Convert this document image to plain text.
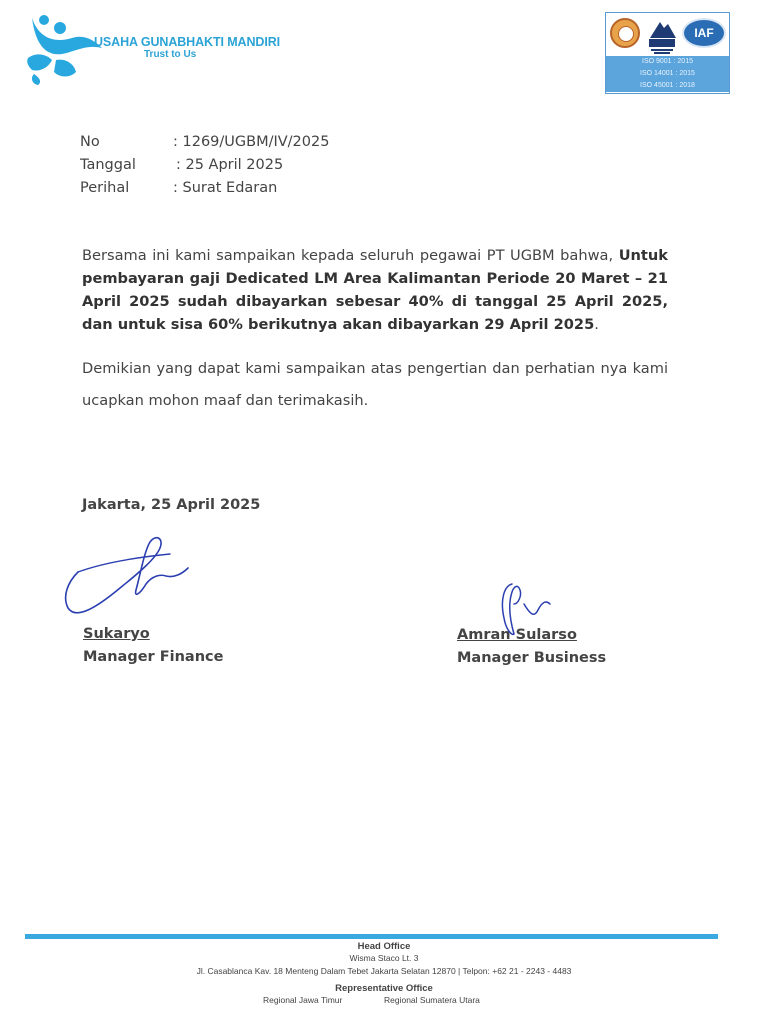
USAHA GUNABHAKTI MANDIRI
Trust to Us
IAF
ISO 9001 : 2015
ISO 14001 : 2015
ISO 45001 : 2018
No	: 1269/UGBM/IV/2025
Tanggal	: 25 April 2025
Perihal	: Surat Edaran
Bersama ini kami sampaikan kepada seluruh pegawai PT UGBM bahwa, Untuk pembayaran gaji Dedicated LM Area Kalimantan Periode 20 Maret – 21 April 2025 sudah dibayarkan sebesar 40% di tanggal 25 April 2025, dan untuk sisa 60% berikutnya akan dibayarkan 29 April 2025.
Demikian yang dapat kami sampaikan atas pengertian dan perhatian nya kami ucapkan mohon maaf dan terimakasih.
Jakarta, 25 April 2025
Sukaryo
Manager Finance
Amran Sularso
Manager Business
Head Office
Wisma Staco Lt. 3
Jl. Casablanca Kav. 18 Menteng Dalam Tebet Jakarta Selatan 12870 | Telpon: +62 21 - 2243 - 4483
Representative Office
Regional Jawa Timur	Regional Sumatera Utara
